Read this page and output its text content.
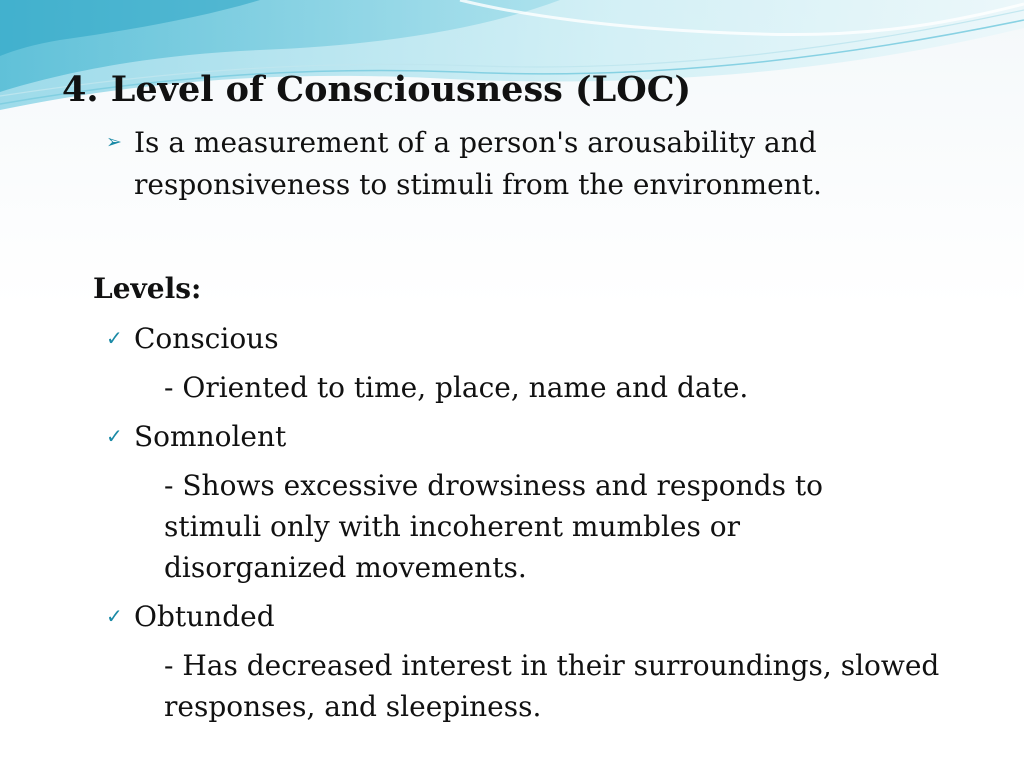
4. Level of Consciousness (LOC)
➢ Is a measurement of a person's arousability and
responsiveness to stimuli from the environment.
Levels:
✓ Conscious
- Oriented to time, place, name and date.
✓ Somnolent
- Shows excessive drowsiness and responds to
stimuli only with incoherent mumbles or
disorganized movements.
✓ Obtunded
- Has decreased interest in their surroundings, slowed
responses, and sleepiness.
